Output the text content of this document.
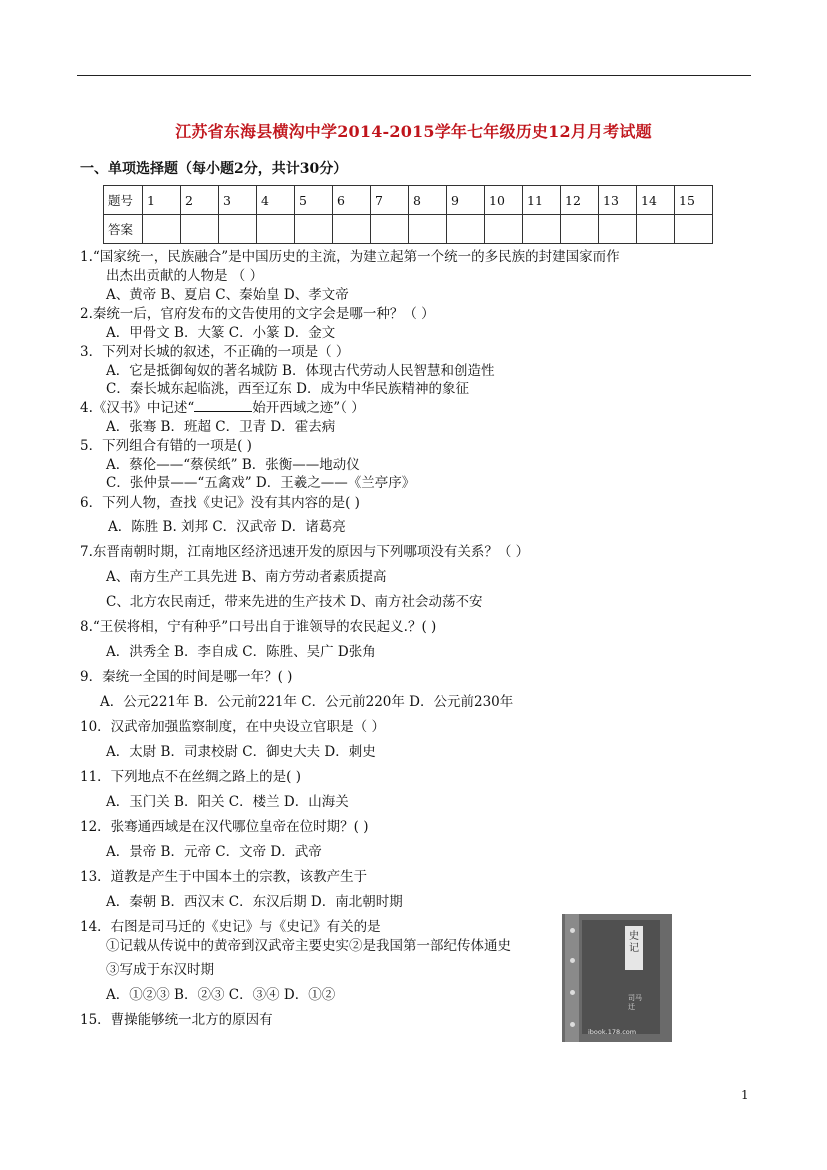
江苏省东海县横沟中学2014-2015学年七年级历史12月月考试题
一、单项选择题（每小题2分，共计30分）
题号	1	2	3	4	5	6	7	8	9	10	11	12	13	14	15
答案															
1.“国家统一，民族融合”是中国历史的主流，为建立起第一个统一的多民族的封建国家而作
出杰出贡献的人物是 （ ）
A、黄帝 B、夏启 C、秦始皇 D、孝文帝
2.秦统一后，官府发布的文告使用的文字会是哪一种？（ ）
A．甲骨文 B．大篆 C．小篆 D．金文
3．下列对长城的叙述，不正确的一项是（ ）
A．它是抵御匈奴的著名城防 B．体现古代劳动人民智慧和创造性
C．秦长城东起临洮，西至辽东 D．成为中华民族精神的象征
4.《汉书》中记述“	始开西域之迹”（ ）
A．张骞 B．班超 C．卫青 D．霍去病
5．下列组合有错的一项是( )
A．蔡伦——“蔡侯纸” B．张衡——地动仪
C．张仲景——“五禽戏” D．王羲之——《兰亭序》
6．下列人物，查找《史记》没有其内容的是( )
A．陈胜 B. 刘邦 C．汉武帝 D．诸葛亮
7.东晋南朝时期，江南地区经济迅速开发的原因与下列哪项没有关系？（ ）
A、南方生产工具先进 B、南方劳动者素质提高
C、北方农民南迁，带来先进的生产技术 D、南方社会动荡不安
8.“王侯将相，宁有种乎”口号出自于谁领导的农民起义.？( )
A．洪秀全 B．李自成 C．陈胜、吴广 D张角
9．秦统一全国的时间是哪一年？( )
A．公元221年 B．公元前221年 C．公元前220年 D．公元前230年
10．汉武帝加强监察制度，在中央设立官职是（ ）
A．太尉 B．司隶校尉 C．御史大夫 D．刺史
11．下列地点不在丝绸之路上的是( )
A．玉门关 B．阳关 C．楼兰 D．山海关
12．张骞通西域是在汉代哪位皇帝在位时期？( )
A．景帝 B．元帝 C．文帝 D．武帝
13．道教是产生于中国本土的宗教，该教产生于
A．秦朝 B．西汉末 C．东汉后期 D．南北朝时期
14．右图是司马迁的《史记》与《史记》有关的是
①记载从传说中的黄帝到汉武帝主要史实②是我国第一部纪传体通史
③写成于东汉时期
A．①②③ B．②③ C．③④ D．①②
15．曹操能够统一北方的原因有
史记
司马迁
ibook.178.com
1
